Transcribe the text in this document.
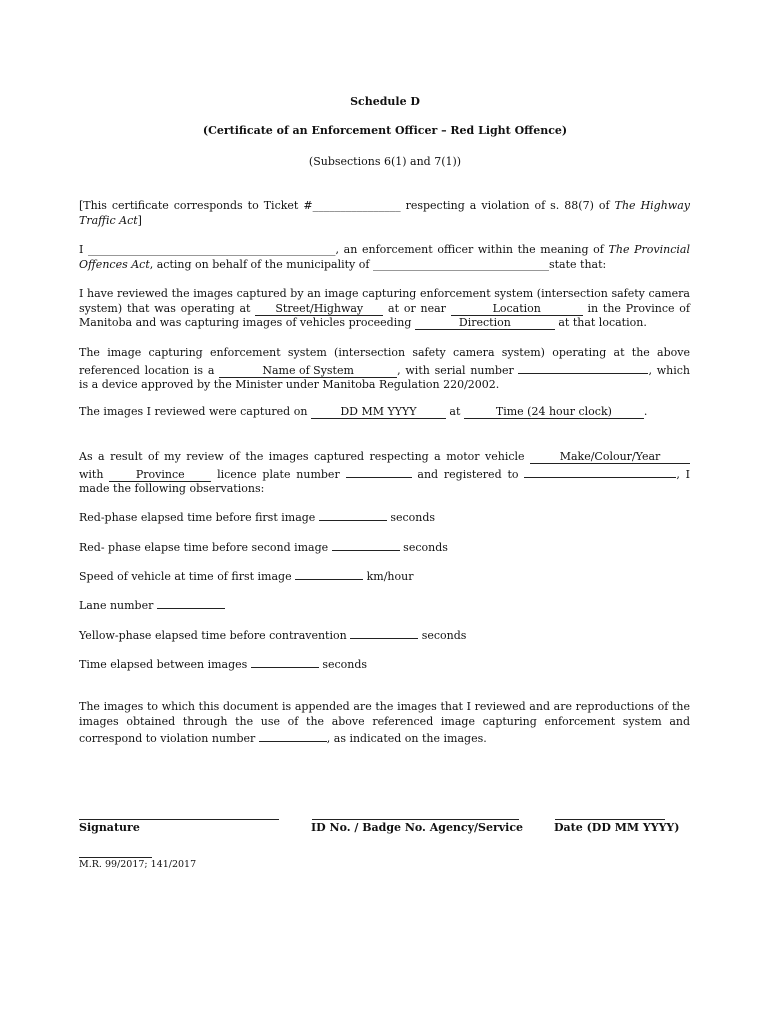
Schedule D

(Certificate of an Enforcement Officer – Red Light Offence)

(Subsections 6(1) and 7(1))

[This certificate corresponds to Ticket #________________ respecting a violation of s. 88(7) of The Highway Traffic Act]

I _____________________________________________, an enforcement officer within the meaning of The Provincial Offences Act, acting on behalf of the municipality of ________________________________state that:

I have reviewed the images captured by an image capturing enforcement system (intersection safety camera system) that was operating at Street/Highway at or near	Location	in the Province of Manitoba and was capturing images of vehicles proceeding	Direction	at that location.

The image capturing enforcement system (intersection safety camera system) operating at the above referenced location is a	Name of System	, with serial number	, which is a device approved by the Minister under Manitoba Regulation 220/2002.

The images I reviewed were captured on	DD MM YYYY	at	Time (24 hour clock)	.

As a result of my review of the images captured respecting a motor vehicle	Make/Colour/Year with Province licence plate number	and registered to	, I made the following observations:

Red-phase elapsed time before first image	seconds

Red- phase elapse time before second image	seconds

Speed of vehicle at time of first image	km/hour

Lane number

Yellow-phase elapsed time before contravention	seconds

Time elapsed between images	seconds

The images to which this document is appended are the images that I reviewed and are reproductions of the images obtained through the use of the above referenced image capturing enforcement system and correspond to violation number	, as indicated on the images.

Signature	ID No. / Badge No. Agency/Service	Date (DD MM YYYY)
M.R. 99/2017; 141/2017
